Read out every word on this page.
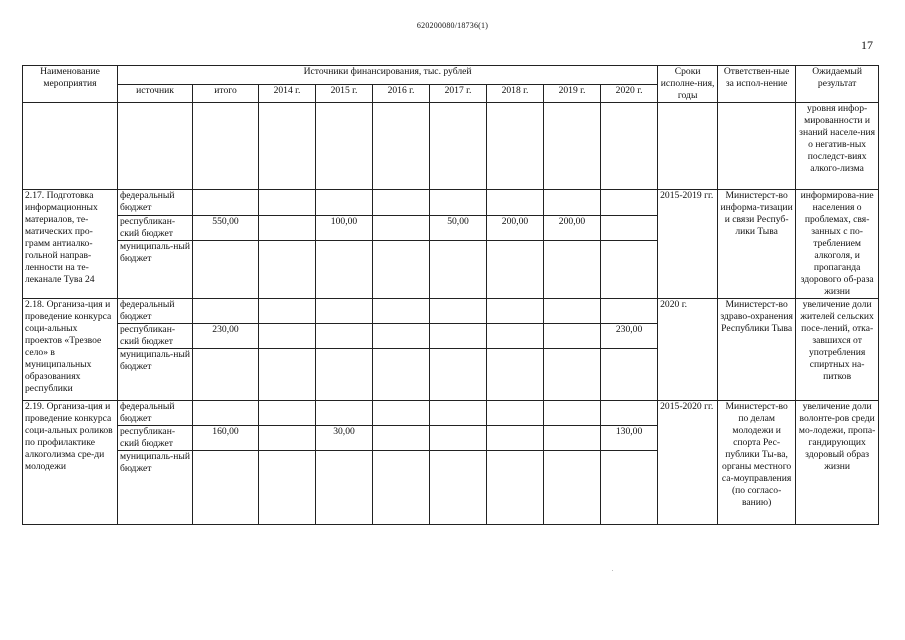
620200080/18736(1)
17
Наименование мероприятия	Источники финансирования, тыс. рублей									Сроки исполне-ния, годы	Ответствен-ные за испол-нение	Ожидаемый результат
	источник	итого	2014 г.	2015 г.	2016 г.	2017 г.	2018 г.	2019 г.	2020 г.			
												уровня инфор-мированности и знаний населе-ния о негатив-ных последст-виях алкого-лизма
2.17. Подготовка информационных материалов, те-матических про-грамм антиалко-гольной направ-ленности на те-леканале Тува 24	федеральный бюджет									2015-2019 гг.	Министерст-во информа-тизации и связи Респуб-лики Тыва	информирова-ние населения о проблемах, свя-занных с по-треблением алкоголя, и пропаганда здорового об-раза жизни
	республикан-ский бюджет	550,00		100,00		50,00	200,00	200,00				
	муниципаль-ный бюджет											
2.18. Организа-ция и проведение конкурса соци-альных проектов «Трезвое село» в муниципальных образованиях республики	федеральный бюджет									2020 г.	Министерст-во здраво-охранения Республики Тыва	увеличение доли жителей сельских посе-лений, отка-завшихся от употребления спиртных на-питков
	республикан-ский бюджет	230,00							230,00			
	муниципаль-ный бюджет											
2.19. Организа-ция и проведение конкурса соци-альных роликов по профилактике алкоголизма сре-ди молодежи	федеральный бюджет									2015-2020 гг.	Министерст-во по делам молодежи и спорта Рес-публики Ты-ва, органы местного са-моуправления (по согласо-ванию)	увеличение доли волонте-ров среди мо-лодежи, пропа-гандирующих здоровый образ жизни
	республикан-ский бюджет	160,00		30,00					130,00			
	муниципаль-ный бюджет											
